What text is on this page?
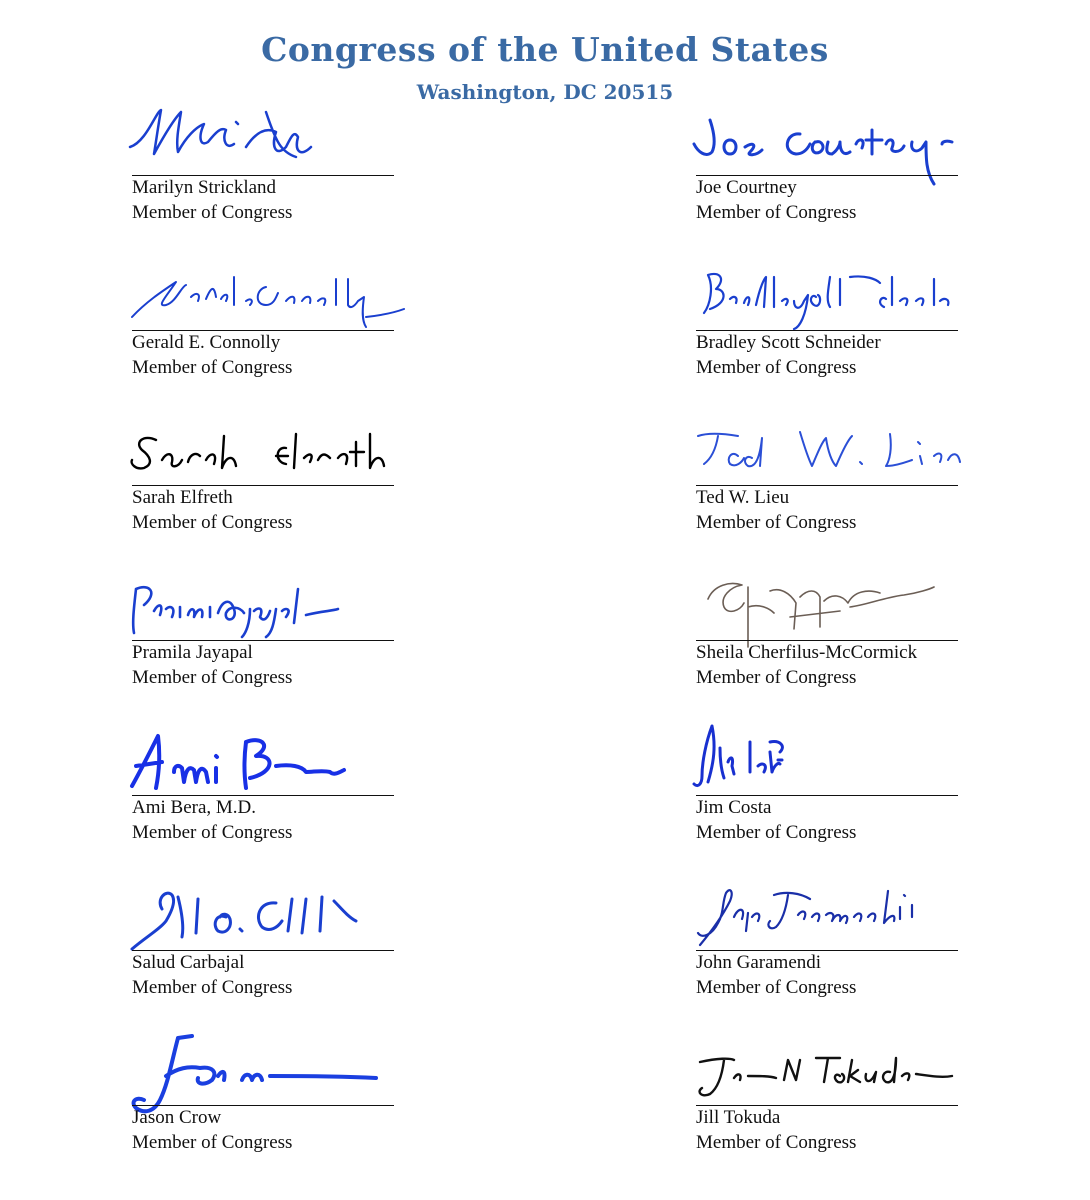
Congress of the United States
Washington, DC 20515
Marilyn Strickland
Member of Congress
Joe Courtney
Member of Congress
Gerald E. Connolly
Member of Congress
Bradley Scott Schneider
Member of Congress
Sarah Elfreth
Member of Congress
Ted W. Lieu
Member of Congress
Pramila Jayapal
Member of Congress
Sheila Cherfilus-McCormick
Member of Congress
Ami Bera, M.D.
Member of Congress
Jim Costa
Member of Congress
Salud Carbajal
Member of Congress
John Garamendi
Member of Congress
Jason Crow
Member of Congress
Jill Tokuda
Member of Congress
